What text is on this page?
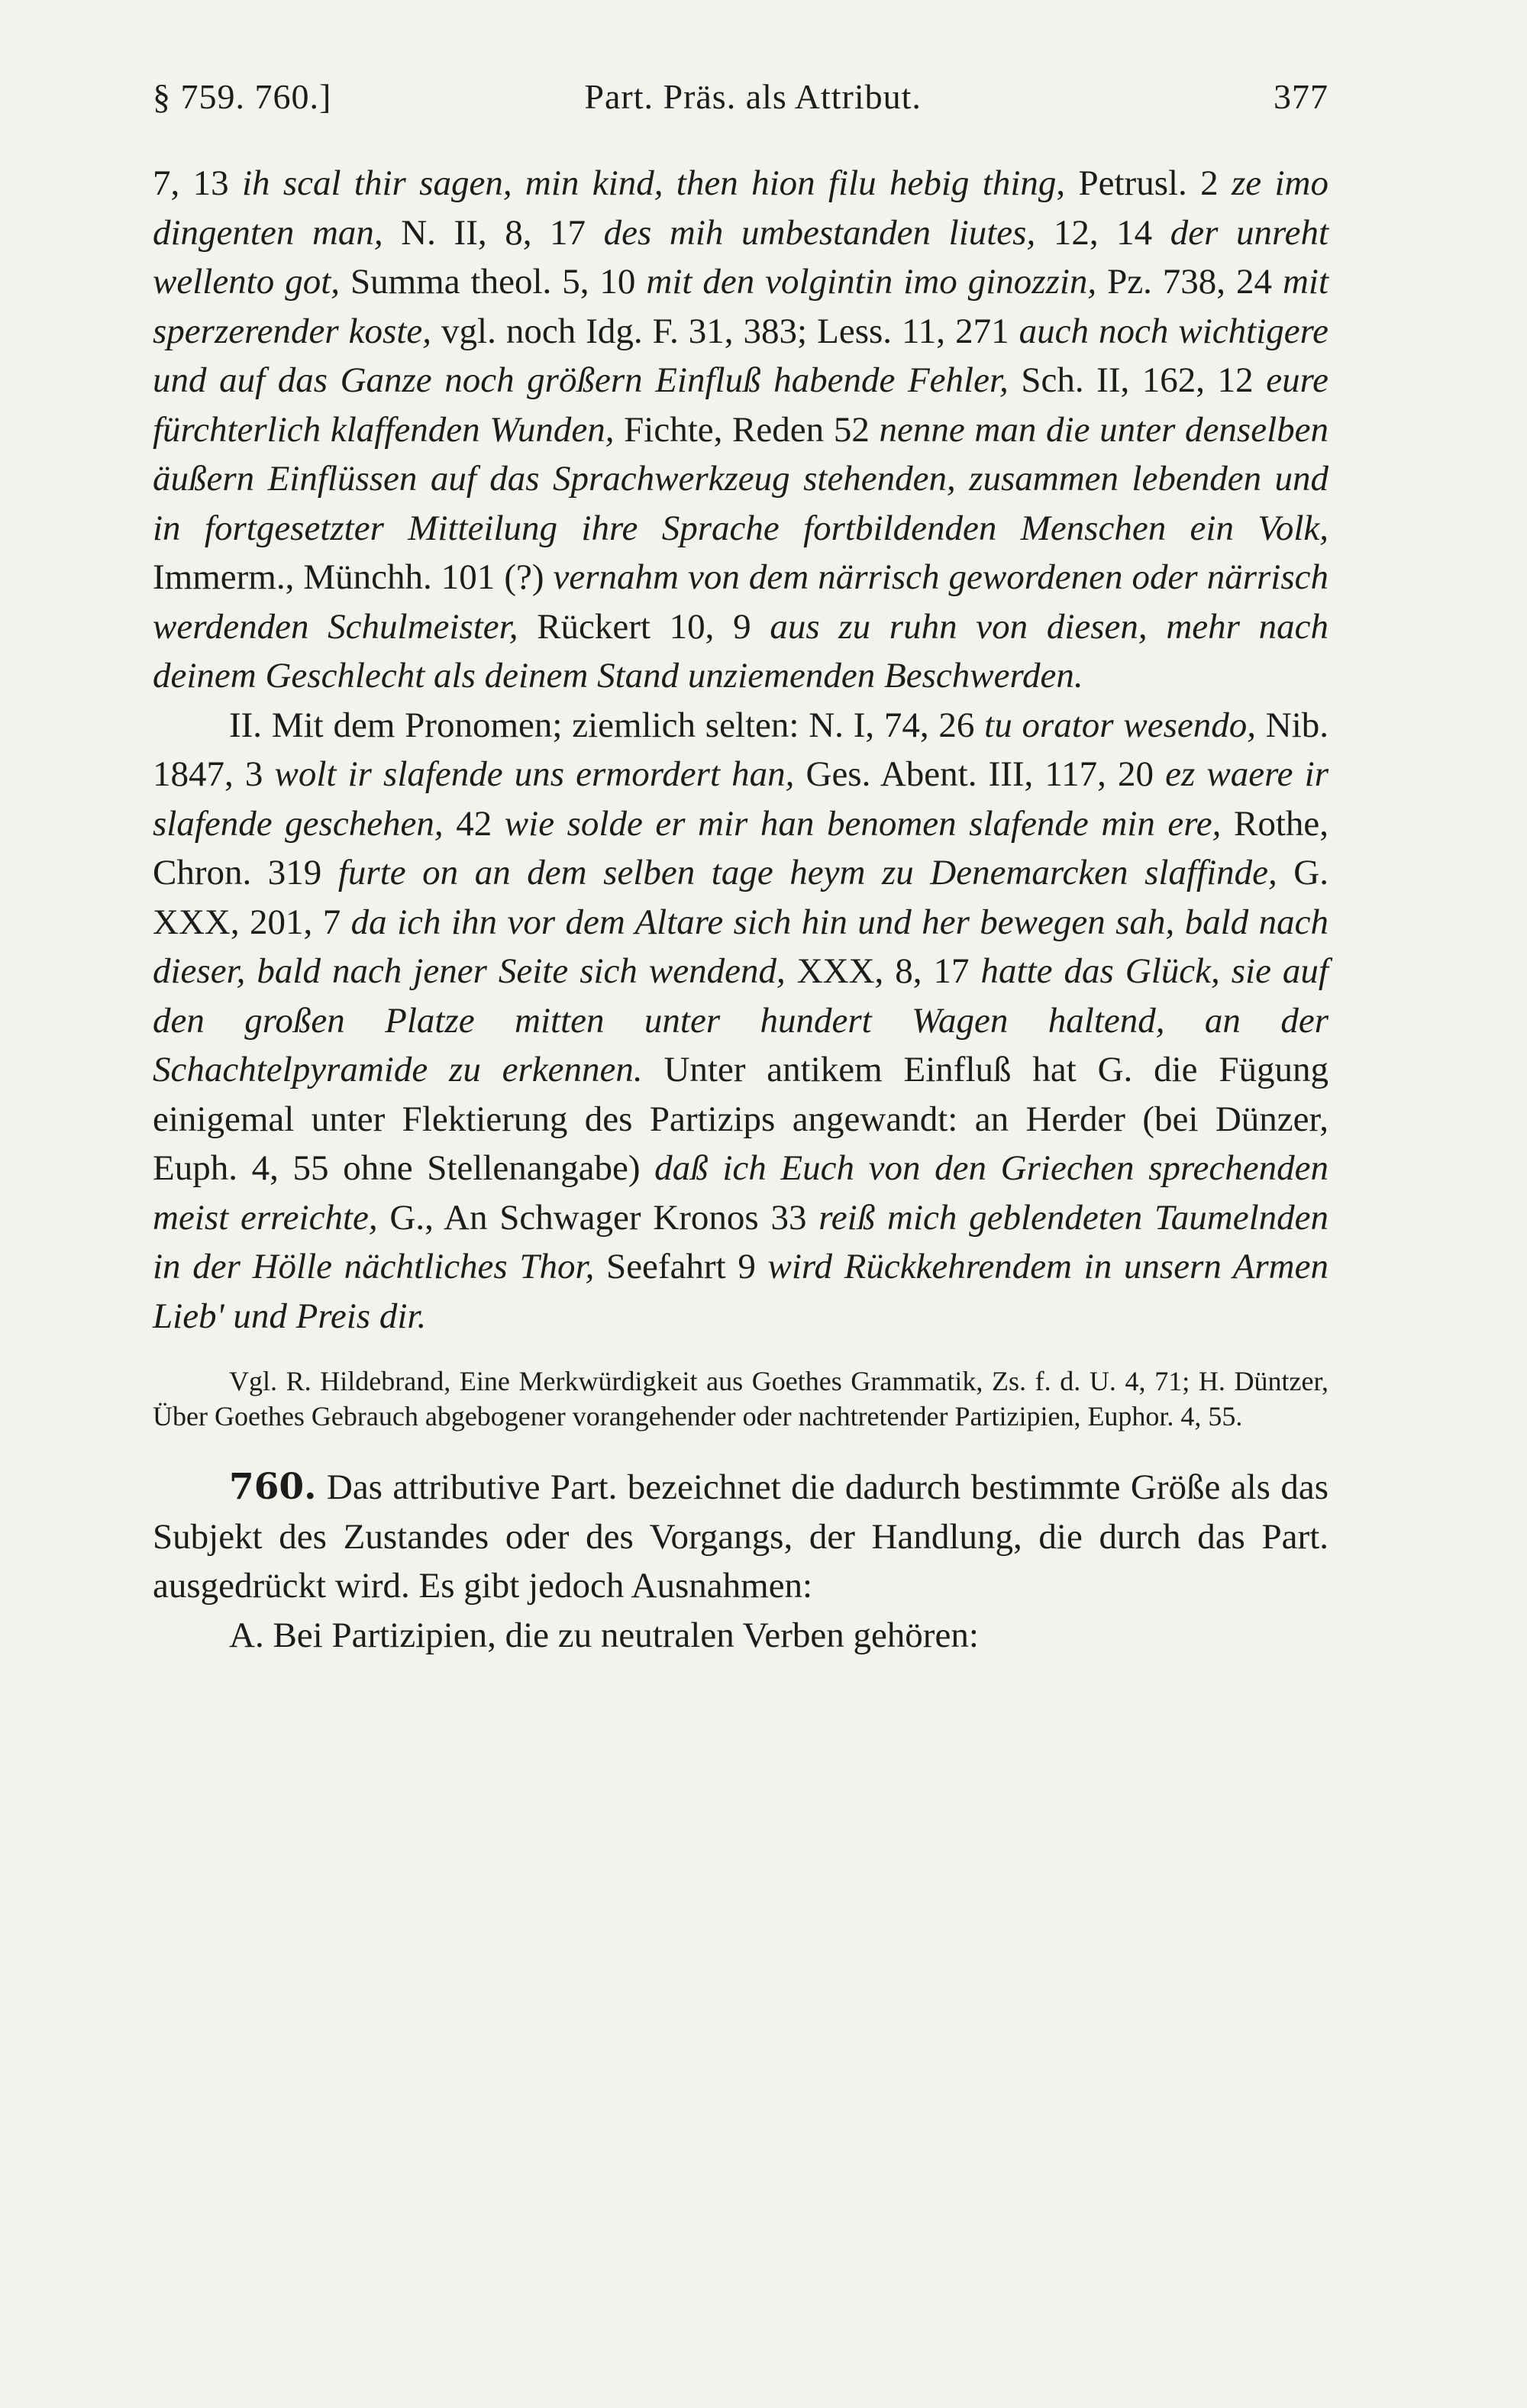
§ 759. 760.]	Part. Präs. als Attribut.	377

7, 13 ih scal thir sagen, min kind, then hion filu hebig thing, Petrusl. 2 ze imo dingenten man, N. II, 8, 17 des mih umbestanden liutes, 12, 14 der unreht wellento got, Summa theol. 5, 10 mit den volgintin imo ginozzin, Pz. 738, 24 mit sperzerender koste, vgl. noch Idg. F. 31, 383; Less. 11, 271 auch noch wichtigere und auf das Ganze noch größern Einfluß habende Fehler, Sch. II, 162, 12 eure fürchterlich klaffenden Wunden, Fichte, Reden 52 nenne man die unter denselben äußern Einflüssen auf das Sprachwerkzeug stehenden, zusammen lebenden und in fortgesetzter Mitteilung ihre Sprache fortbildenden Menschen ein Volk, Immerm., Münchh. 101 (?) vernahm von dem närrisch gewordenen oder närrisch werdenden Schulmeister, Rückert 10, 9 aus zu ruhn von diesen, mehr nach deinem Geschlecht als deinem Stand unziemenden Beschwerden.

II. Mit dem Pronomen; ziemlich selten: N. I, 74, 26 tu orator wesendo, Nib. 1847, 3 wolt ir slafende uns ermordert han, Ges. Abent. III, 117, 20 ez waere ir slafende geschehen, 42 wie solde er mir han benomen slafende min ere, Rothe, Chron. 319 furte on an dem selben tage heym zu Denemarcken slaffinde, G. XXX, 201, 7 da ich ihn vor dem Altare sich hin und her bewegen sah, bald nach dieser, bald nach jener Seite sich wendend, XXX, 8, 17 hatte das Glück, sie auf den großen Platze mitten unter hundert Wagen haltend, an der Schachtelpyramide zu erkennen. Unter antikem Einfluß hat G. die Fügung einigemal unter Flektierung des Partizips angewandt: an Herder (bei Dünzer, Euph. 4, 55 ohne Stellenangabe) daß ich Euch von den Griechen sprechenden meist erreichte, G., An Schwager Kronos 33 reiß mich geblendeten Taumelnden in der Hölle nächtliches Thor, Seefahrt 9 wird Rückkehrendem in unsern Armen Lieb' und Preis dir.

Vgl. R. Hildebrand, Eine Merkwürdigkeit aus Goethes Grammatik, Zs. f. d. U. 4, 71; H. Düntzer, Über Goethes Gebrauch abgebogener vorangehender oder nachtretender Partizipien, Euphor. 4, 55.

760. Das attributive Part. bezeichnet die dadurch bestimmte Größe als das Subjekt des Zustandes oder des Vorgangs, der Handlung, die durch das Part. ausgedrückt wird. Es gibt jedoch Ausnahmen:

A. Bei Partizipien, die zu neutralen Verben gehören:
